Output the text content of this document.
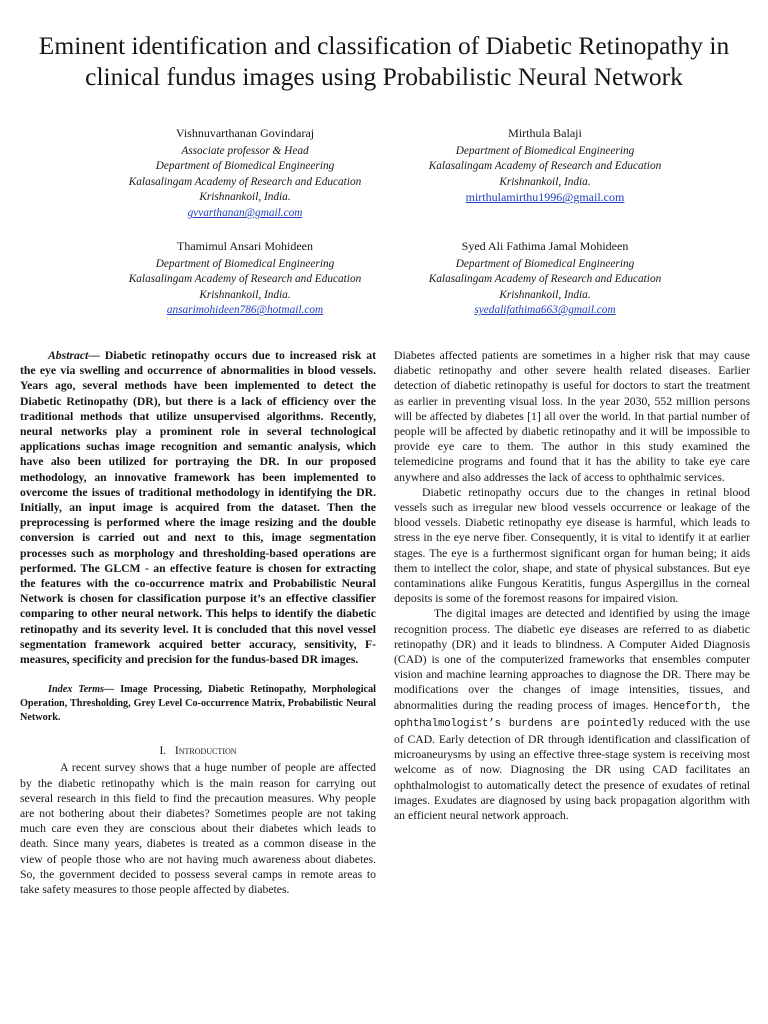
Eminent identification and classification of Diabetic Retinopathy in clinical fundus images using Probabilistic Neural Network
Vishnuvarthanan Govindaraj
Associate professor & Head
Department of Biomedical Engineering
Kalasalingam Academy of Research and Education
Krishnankoil, India.
gvvarthanan@gmail.com
Mirthula Balaji
Department of Biomedical Engineering
Kalasalingam Academy of Research and Education
Krishnankoil, India.
mirthulamirthu1996@gmail.com
Thamimul Ansari Mohideen
Department of Biomedical Engineering
Kalasalingam Academy of Research and Education
Krishnankoil, India.
ansarimohideen786@hotmail.com
Syed Ali Fathima Jamal Mohideen
Department of Biomedical Engineering
Kalasalingam Academy of Research and Education
Krishnankoil, India.
syedalifathima663@gmail.com

Abstract— Diabetic retinopathy occurs due to increased risk at the eye via swelling and occurrence of abnormalities in blood vessels. Years ago, several methods have been implemented to detect the Diabetic Retinopathy (DR), but there is a lack of efficiency over the traditional methods that utilize unsupervised algorithms. Recently, neural networks play a prominent role in several technological applications suchas image recognition and semantic analysis, which have also been utilized for portraying the DR. In our proposed methodology, an innovative framework has been implemented to overcome the issues of traditional methodology in identifying the DR. Initially, an input image is acquired from the dataset. Then the preprocessing is performed where the image resizing and the double conversion is carried out and next to this, image segmentation processes such as morphology and thresholding-based operations are performed. The GLCM - an effective feature is chosen for extracting the features with the co-occurrence matrix and Probabilistic Neural Network is chosen for classification purpose it’s an effective classifier comparing to other neural network. This helps to identify the diabetic retinopathy and its severity level. It is concluded that this novel vessel segmentation framework acquired better accuracy, sensitivity, F-measures, specificity and precision for the fundus-based DR images.

Index Terms— Image Processing, Diabetic Retinopathy, Morphological Operation, Thresholding, Grey Level Co-occurrence Matrix, Probabilistic Neural Network.

I. Introduction

A recent survey shows that a huge number of people are affected by the diabetic retinopathy which is the main reason for carrying out several research in this field to find the precaution measures. Why people are not bothering about their diabetes? Sometimes people are not taking much care even they are conscious about their diabetes which leads to death. Since many years, diabetes is treated as a common disease in the view of people those who are not having much awareness about diabetes. So, the government decided to possess several camps in remote areas to take safety measures to those people affected by diabetes.

Diabetes affected patients are sometimes in a higher risk that may cause diabetic retinopathy and other severe health related diseases. Earlier detection of diabetic retinopathy is useful for doctors to start the treatment as earlier in preventing visual loss. In the year 2030, 552 million persons will be affected by diabetes [1] all over the world. In that partial number of people will be affected by diabetic retinopathy and it will be impossible to provide eye care to them. The author in this study examined the telemedicine programs and found that it has the ability to take eye care anywhere and also addresses the lack of access to ophthalmic services.

Diabetic retinopathy occurs due to the changes in retinal blood vessels such as irregular new blood vessels occurrence or leakage of the blood vessels. Diabetic retinopathy eye disease is harmful, which leads to stress in the eye nerve fiber. Consequently, it is vital to identify it at earlier stages. The eye is a furthermost significant organ for human being; it aids them to intellect the color, shape, and state of physical substances. But eye contaminations alike Fungous Keratitis, fungus Aspergillus in the corneal deposits is some of the foremost reasons for impaired vision.

The digital images are detected and identified by using the image recognition process. The diabetic eye diseases are referred to as diabetic retinopathy (DR) and it leads to blindness. A Computer Aided Diagnosis (CAD) is one of the computerized frameworks that ensembles computer vision and machine learning approaches to diagnose the DR. There may be modifications over the changes of image intensities, tissues, and abnormalities during the reading process of images. Henceforth, the ophthalmologist’s burdens are pointedly reduced with the use of CAD. Early detection of DR through identification and classification of microaneurysms by using an effective three-stage system is receiving most welcome as of now. Diagnosing the DR using CAD facilitates an ophthalmologist to automatically detect the presence of exudates of retinal images. Exudates are diagnosed by using back propagation algorithm with an efficient neural network approach.
